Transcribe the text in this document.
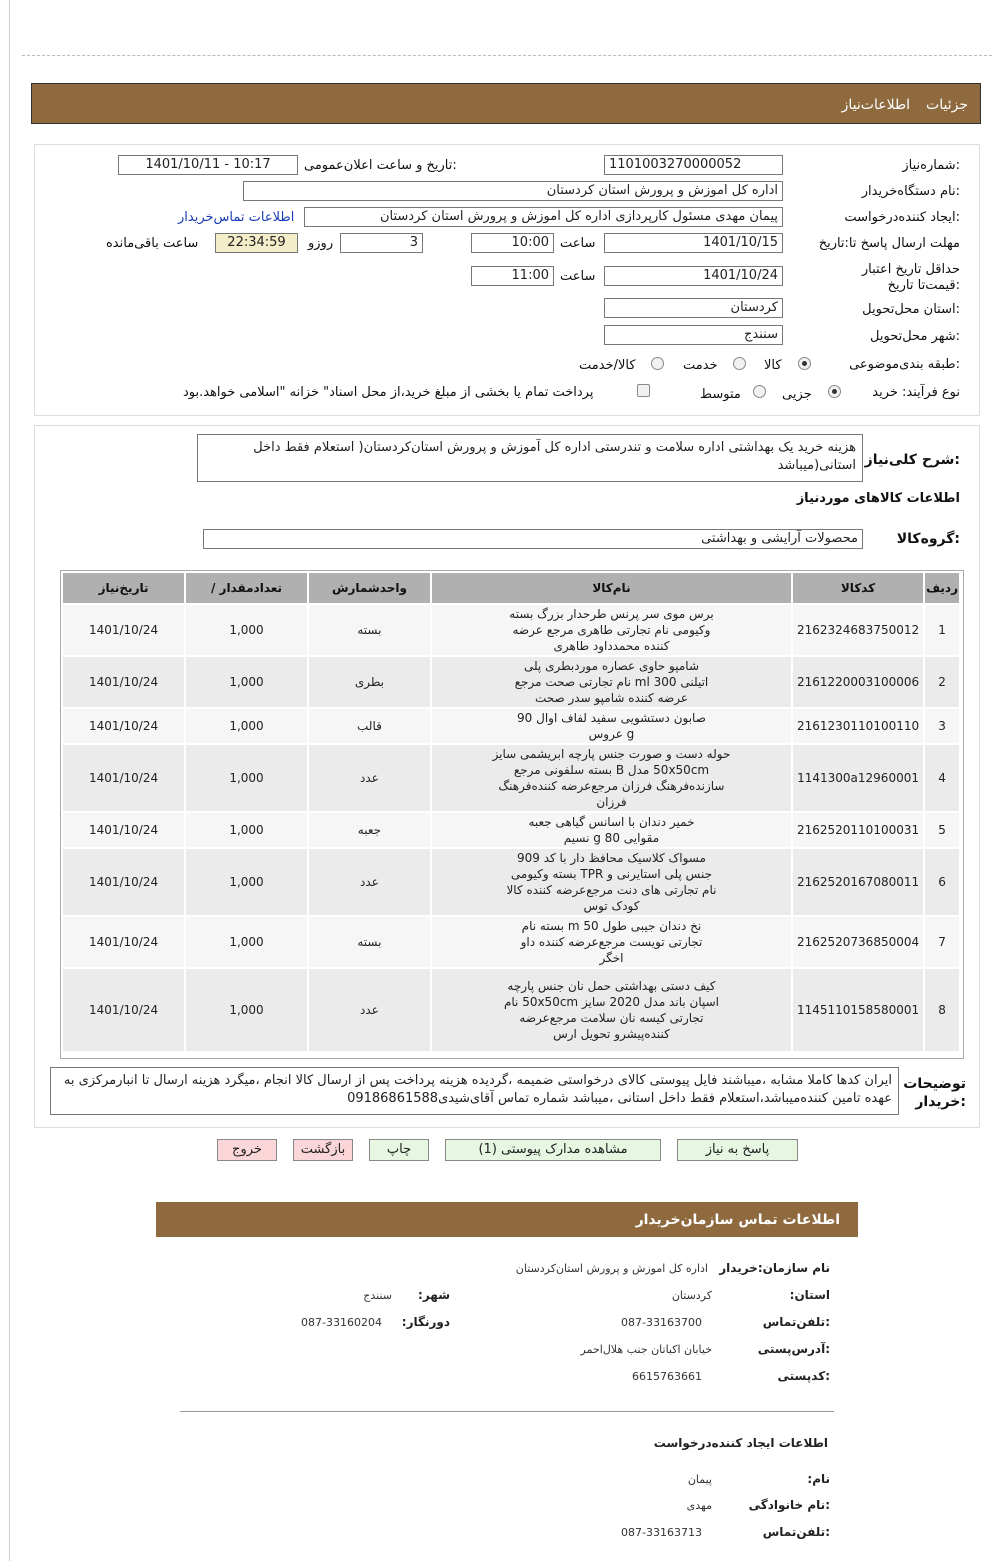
جزئیات
اطلاعات‌نیاز
شماره‌نیاز:
1101003270000052
تاریخ و ساعت اعلان‌عمومی:
1401/10/11 - 10:17
نام دستگاه‌خریدار:
اداره کل اموزش و پرورش استان کردستان
ایجاد کننده‌درخواست:
پیمان مهدی مسئول کارپردازی اداره کل اموزش و پرورش استان کردستان
اطلاعات تماس‌خریدار
مهلت ارسال پاسخ تا:تاریخ
1401/10/15
ساعت
10:00
3
روزو
22:34:59
ساعت باقی‌مانده
حداقل تاریخ اعتبار قیمت‌تا تاریخ:
1401/10/24
ساعت
11:00
استان محل‌تحویل:
کردستان
شهر محل‌تحویل:
سنندج
طبقه بندی‌موضوعی:
کالا
خدمت
کالا/خدمت
نوع فرآیند: خرید
جزیی
متوسط
پرداخت تمام یا بخشی از مبلغ خرید،از محل اسناد" خزانه "اسلامی خواهد.بود
شرح کلی‌نیاز:
هزینه خرید یک بهداشتی اداره سلامت و تندرستی اداره کل آموزش و پرورش استان‌کردستان( استعلام فقط داخل استانی(میباشد
اطلاعات کالاهای موردنیاز
گروه‌کالا:
محصولات آرایشی و بهداشتی
ردیف	کدکالا	نام‌کالا	واحدشمارش	تعدادمقدار /	تاریخ‌نیاز
1	2162324683750012	برس موی سر پرنس طرحدار بزرگ بسته وکیومی نام تجارتی طاهری مرجع عرضه کننده محمدداود طاهری	بسته	1,000	1401/10/24
2	2161220003100006	شامپو حاوی عصاره موردبطری پلی اتیلنی 300 ml نام تجارتی صحت مرجع عرضه کننده شامپو سدر صحت	بطری	1,000	1401/10/24
3	2161230110100110	صابون دستشویی سفید لفاف اوال 90 g عروس	قالب	1,000	1401/10/24
4	1141300a12960001	حوله دست و صورت جنس پارچه ابریشمی سایز 50x50cm مدل B بسته سلفونی مرجع سازنده‌فرهنگ فرزان مرجع‌عرضه کننده‌فرهنگ فرزان	عدد	1,000	1401/10/24
5	2162520110100031	خمیر دندان با اسانس گیاهی جعبه مقوایی g 80 نسیم	جعبه	1,000	1401/10/24
6	2162520167080011	مسواک کلاسیک محافظ دار با کد 909 جنس پلی استایرنی و TPR بسته وکیومی نام تجارتی های دنت مرجع‌عرضه کننده کالا کودک توس	عدد	1,000	1401/10/24
7	2162520736850004	نخ دندان جیبی طول 50 m بسته نام تجارتی تویست مرجع‌عرضه کننده داو اخگر	بسته	1,000	1401/10/24
8	1145110158580001	کیف دستی بهداشتی حمل نان جنس پارچه اسپان باند مدل 2020 سایز 50x50cm نام تجارتی کیسه نان سلامت مرجع‌عرضه کننده‌پیشرو تحویل ارس	عدد	1,000	1401/10/24
توضیحات خریدار:
ایران کدها کاملا مشابه ،میباشند فایل پیوستی کالای درخواستی ضمیمه ،گردیده هزینه پرداخت پس از ارسال کالا انجام ،میگرد هزینه ارسال تا انبارمرکزی به عهده تامین کننده‌میباشد،استعلام فقط داخل استانی ،میباشد شماره تماس آقای‌شیدی09186861588
پاسخ به نیاز
مشاهده مدارک پیوستی (1)
چاپ
بازگشت
خروج
اطلاعات تماس سازمان‌خریدار
نام سازمان:خریدار
اداره کل اموزش و پرورش استان‌کردستان
:استان
کردستان
:شهر
سنندج
تلفن‌تماس:
087-33163700
:دورنگار
087-33160204
آدرس‌پستی:
خیابان اکباتان جنب هلال‌احمر
کد‌پستی:
6615763661
اطلاعات ایجاد کننده‌درخواست
:نام
پیمان
نام خانوادگی:
مهدی
تلفن‌تماس:
087-33163713
